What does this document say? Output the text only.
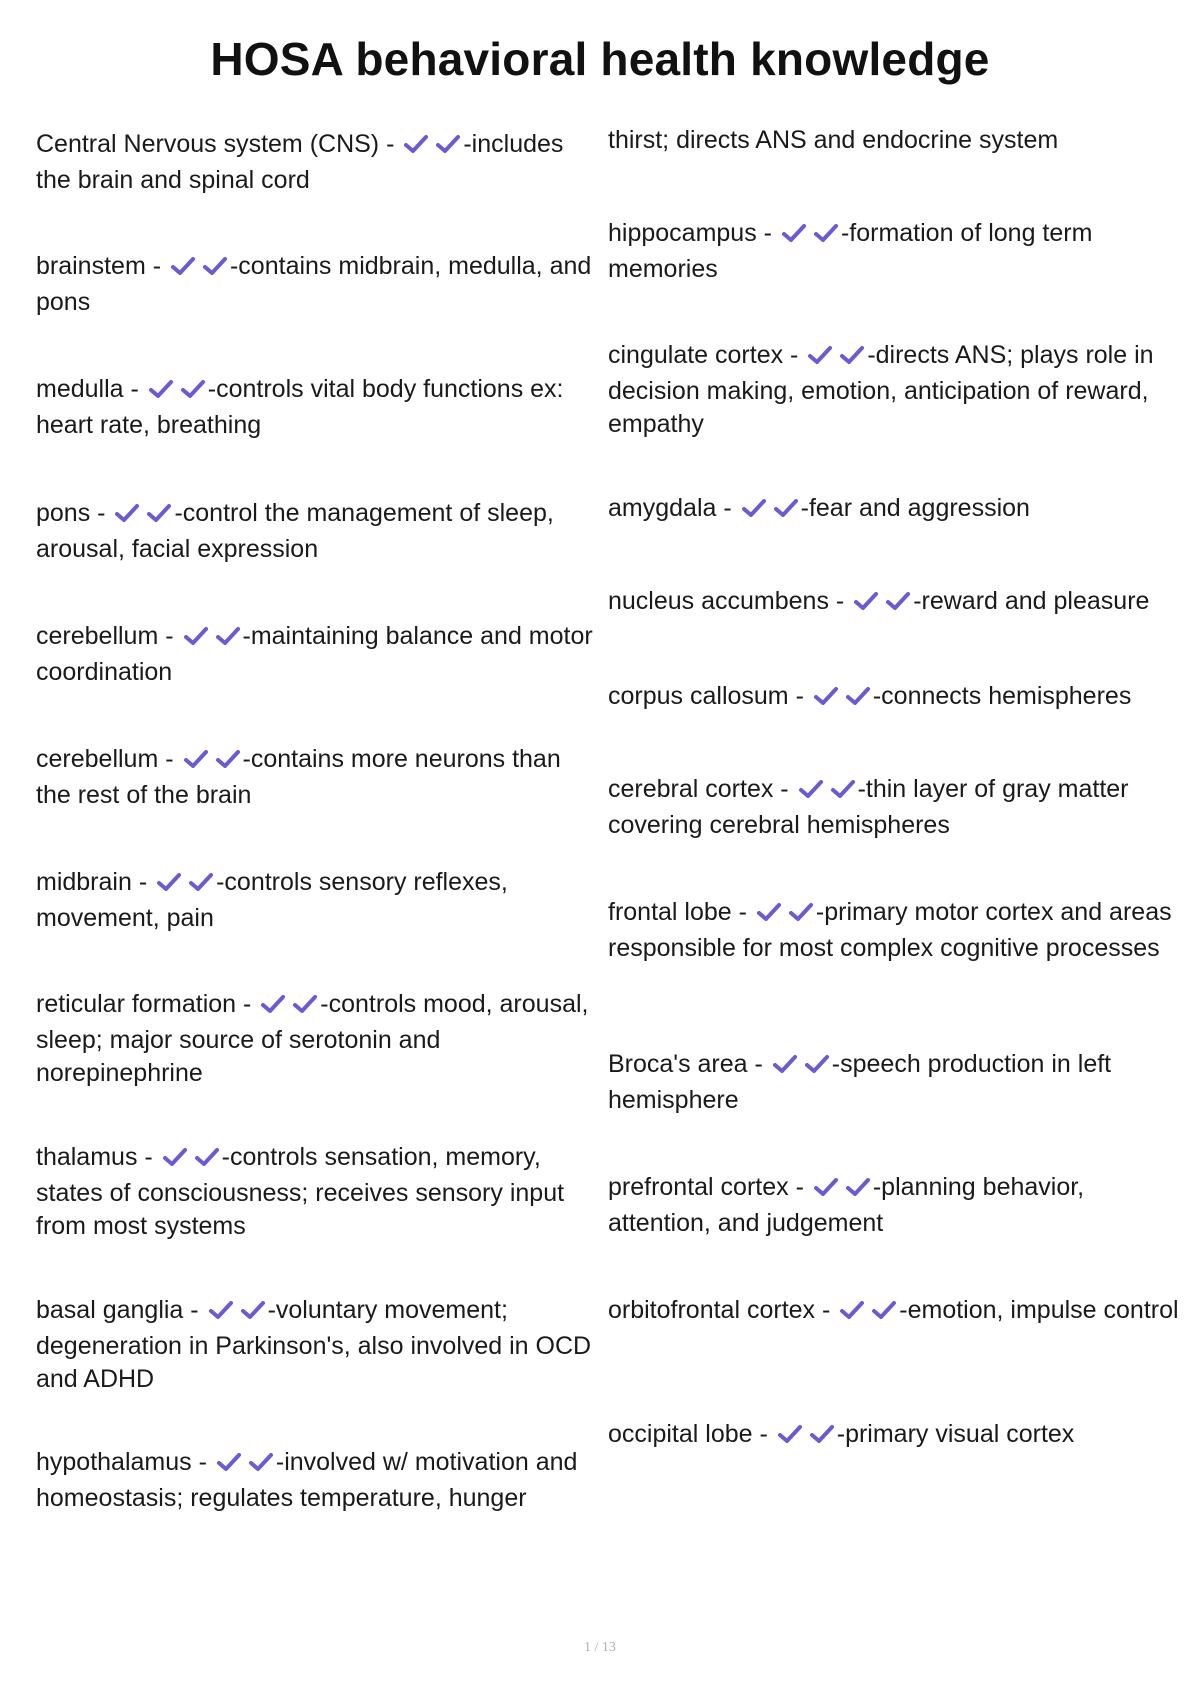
HOSA behavioral health knowledge
Central Nervous system (CNS) - -includes the brain and spinal cord
brainstem - -contains midbrain, medulla, and pons
medulla - -controls vital body functions ex: heart rate, breathing
pons - -control the management of sleep, arousal, facial expression
cerebellum - -maintaining balance and motor coordination
cerebellum - -contains more neurons than the rest of the brain
midbrain - -controls sensory reflexes, movement, pain
reticular formation - -controls mood, arousal, sleep; major source of serotonin and norepinephrine
thalamus - -controls sensation, memory, states of consciousness; receives sensory input from most systems
basal ganglia - -voluntary movement; degeneration in Parkinson's, also involved in OCD and ADHD
hypothalamus - -involved w/ motivation and homeostasis; regulates temperature, hunger
thirst; directs ANS and endocrine system
hippocampus - -formation of long term memories
cingulate cortex - -directs ANS; plays role in decision making, emotion, anticipation of reward, empathy
amygdala - -fear and aggression
nucleus accumbens - -reward and pleasure
corpus callosum - -connects hemispheres
cerebral cortex - -thin layer of gray matter covering cerebral hemispheres
frontal lobe - -primary motor cortex and areas responsible for most complex cognitive processes
Broca's area - -speech production in left hemisphere
prefrontal cortex - -planning behavior, attention, and judgement
orbitofrontal cortex - -emotion, impulse control
occipital lobe - -primary visual cortex
1 / 13
